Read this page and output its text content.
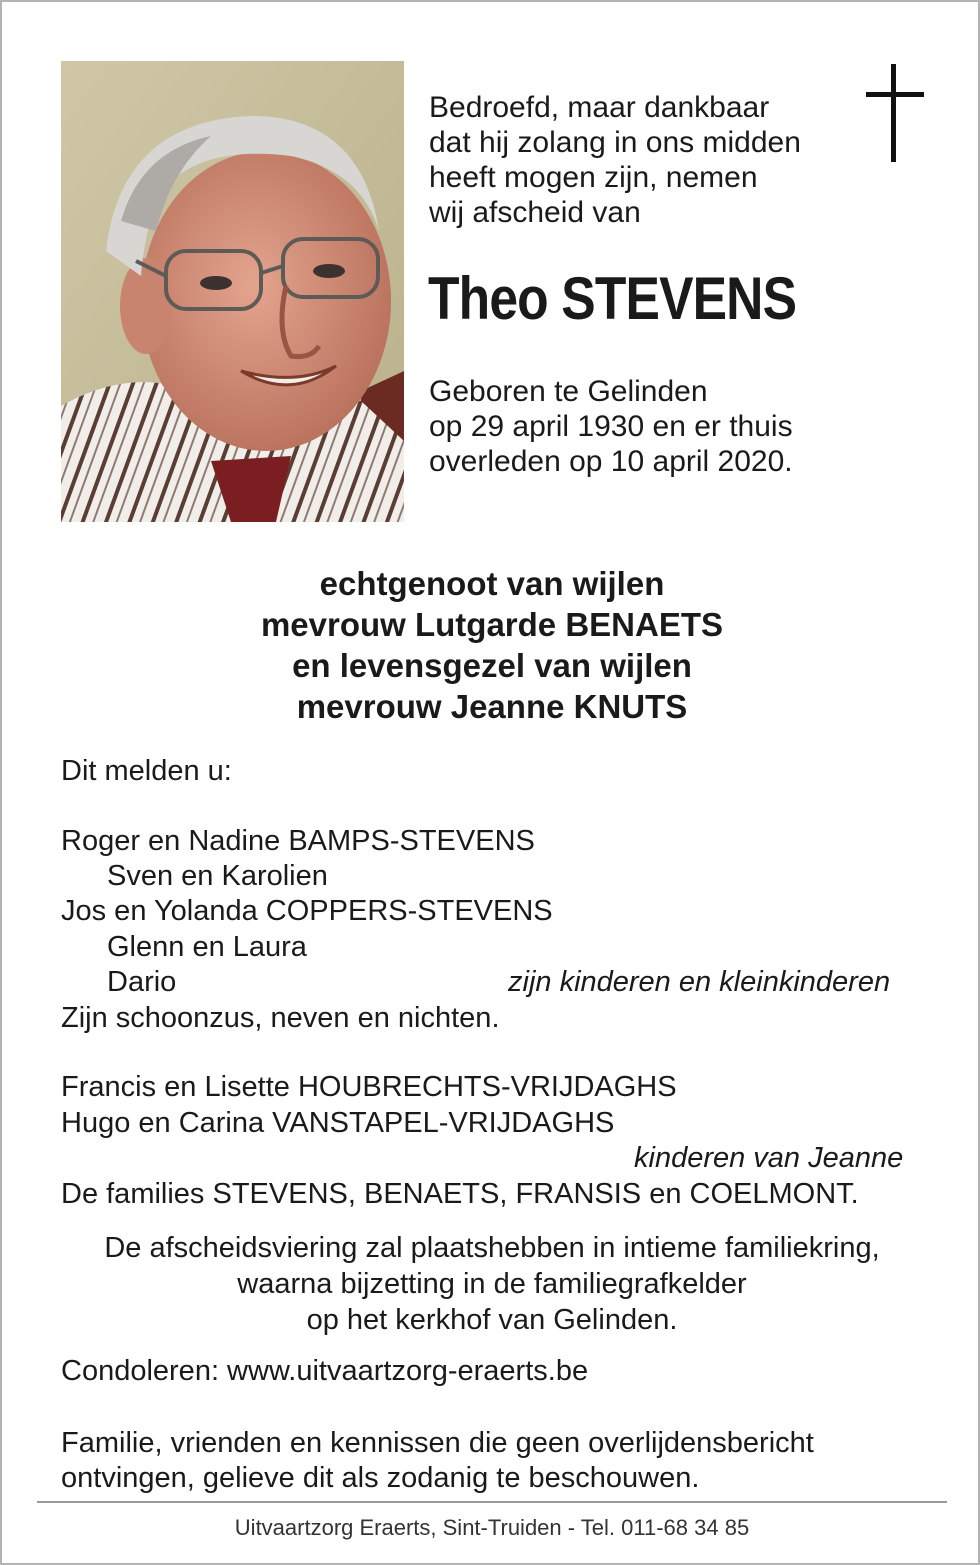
Bedroefd, maar dankbaar
dat hij zolang in ons midden
heeft mogen zijn, nemen
wij afscheid van
Theo STEVENS
Geboren te Gelinden
op 29 april 1930 en er thuis
overleden op 10 april 2020.
echtgenoot van wijlen
mevrouw Lutgarde BENAETS
en levensgezel van wijlen
mevrouw Jeanne KNUTS
Dit melden u:
Roger en Nadine BAMPS-STEVENS
Sven en Karolien
Jos en Yolanda COPPERS-STEVENS
Glenn en Laura
Dario	zijn kinderen en kleinkinderen
Zijn schoonzus, neven en nichten.
Francis en Lisette HOUBRECHTS-VRIJDAGHS
Hugo en Carina VANSTAPEL-VRIJDAGHS
kinderen van Jeanne
De families STEVENS, BENAETS, FRANSIS en COELMONT.
De afscheidsviering zal plaatshebben in intieme familiekring,
waarna bijzetting in de familiegrafkelder
op het kerkhof van Gelinden.
Condoleren: www.uitvaartzorg-eraerts.be
Familie, vrienden en kennissen die geen overlijdensbericht
ontvingen, gelieve dit als zodanig te beschouwen.
Uitvaartzorg Eraerts, Sint-Truiden - Tel. 011-68 34 85
